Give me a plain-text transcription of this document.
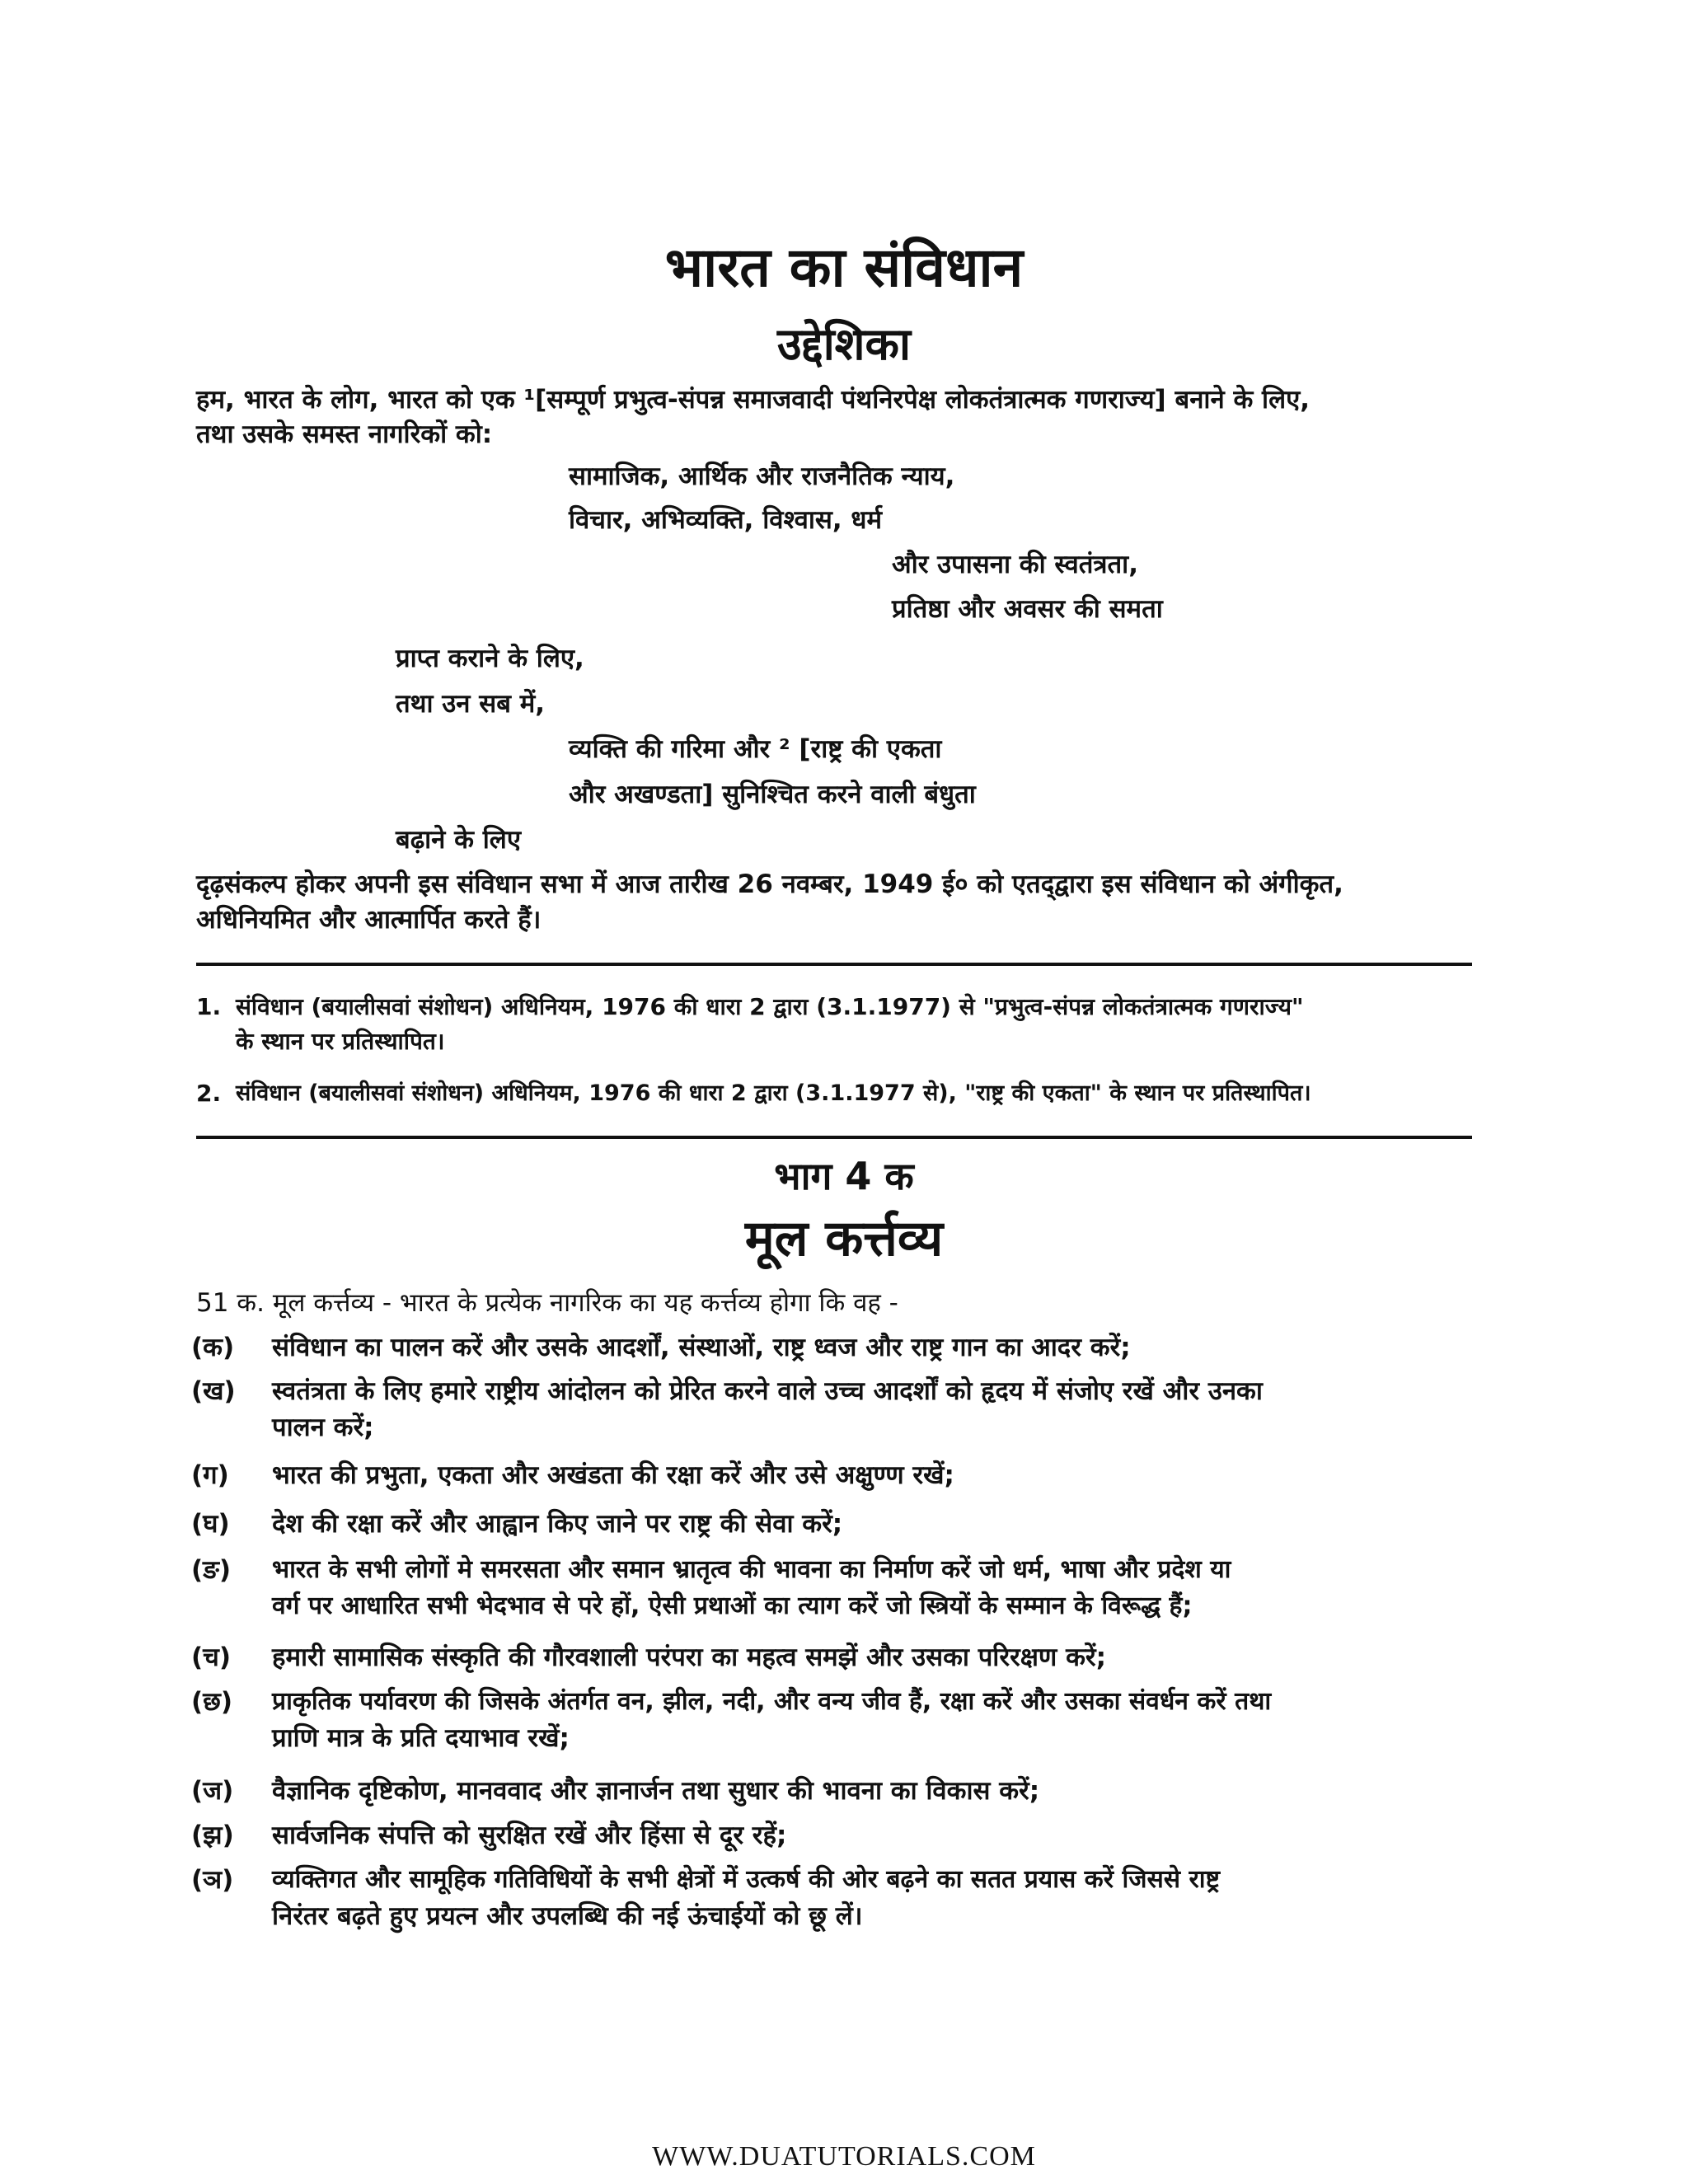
भारत का संविधान
उद्देशिका
हम, भारत के लोग, भारत को एक ¹[सम्पूर्ण प्रभुत्व-संपन्न समाजवादी पंथनिरपेक्ष लोकतंत्रात्मक गणराज्य] बनाने के लिए,
तथा उसके समस्त नागरिकों को:
सामाजिक, आर्थिक और राजनैतिक न्याय,
विचार, अभिव्यक्ति, विश्वास, धर्म
और उपासना की स्वतंत्रता,
प्रतिष्ठा और अवसर की समता
प्राप्त कराने के लिए,
तथा उन सब में,
व्यक्ति की गरिमा और ² [राष्ट्र की एकता
और अखण्डता] सुनिश्चित करने वाली बंधुता
बढ़ाने के लिए
दृढ़संकल्प होकर अपनी इस संविधान सभा में आज तारीख 26 नवम्बर, 1949 ई० को एतद्‌द्वारा इस संविधान को अंगीकृत,
अधिनियमित और आत्मार्पित करते हैं।
1. संविधान (बयालीसवां संशोधन) अधिनियम, 1976 की धारा 2 द्वारा (3.1.1977) से "प्रभुत्व-संपन्न लोकतंत्रात्मक गणराज्य"
के स्थान पर प्रतिस्थापित।
2. संविधान (बयालीसवां संशोधन) अधिनियम, 1976 की धारा 2 द्वारा (3.1.1977 से), "राष्ट्र की एकता" के स्थान पर प्रतिस्थापित।
भाग 4 क
मूल कर्त्तव्य
51 क. मूल कर्त्तव्य - भारत के प्रत्येक नागरिक का यह कर्त्तव्य होगा कि वह -
(क)	संविधान का पालन करें और उसके आदर्शों, संस्थाओं, राष्ट्र ध्वज और राष्ट्र गान का आदर करें;
(ख)	स्वतंत्रता के लिए हमारे राष्ट्रीय आंदोलन को प्रेरित करने वाले उच्च आदर्शों को हृदय में संजोए रखें और उनका
पालन करें;
(ग)	भारत की प्रभुता, एकता और अखंडता की रक्षा करें और उसे अक्षुण्ण रखें;
(घ)	देश की रक्षा करें और आह्वान किए जाने पर राष्ट्र की सेवा करें;
(ङ)	भारत के सभी लोगों मे समरसता और समान भ्रातृत्व की भावना का निर्माण करें जो धर्म, भाषा और प्रदेश या
वर्ग पर आधारित सभी भेदभाव से परे हों, ऐसी प्रथाओं का त्याग करें जो स्त्रियों के सम्मान के विरूद्ध हैं;
(च)	हमारी सामासिक संस्कृति की गौरवशाली परंपरा का महत्व समझें और उसका परिरक्षण करें;
(छ)	प्राकृतिक पर्यावरण की जिसके अंतर्गत वन, झील, नदी, और वन्य जीव हैं, रक्षा करें और उसका संवर्धन करें तथा
प्राणि मात्र के प्रति दयाभाव रखें;
(ज)	वैज्ञानिक दृष्टिकोण, मानववाद और ज्ञानार्जन तथा सुधार की भावना का विकास करें;
(झ)	सार्वजनिक संपत्ति को सुरक्षित रखें और हिंसा से दूर रहें;
(ञ)	व्यक्तिगत और सामूहिक गतिविधियों के सभी क्षेत्रों में उत्कर्ष की ओर बढ़ने का सतत प्रयास करें जिससे राष्ट्र
निरंतर बढ़ते हुए प्रयत्न और उपलब्धि की नई ऊंचाईयों को छू लें।
WWW.DUATUTORIALS.COM
